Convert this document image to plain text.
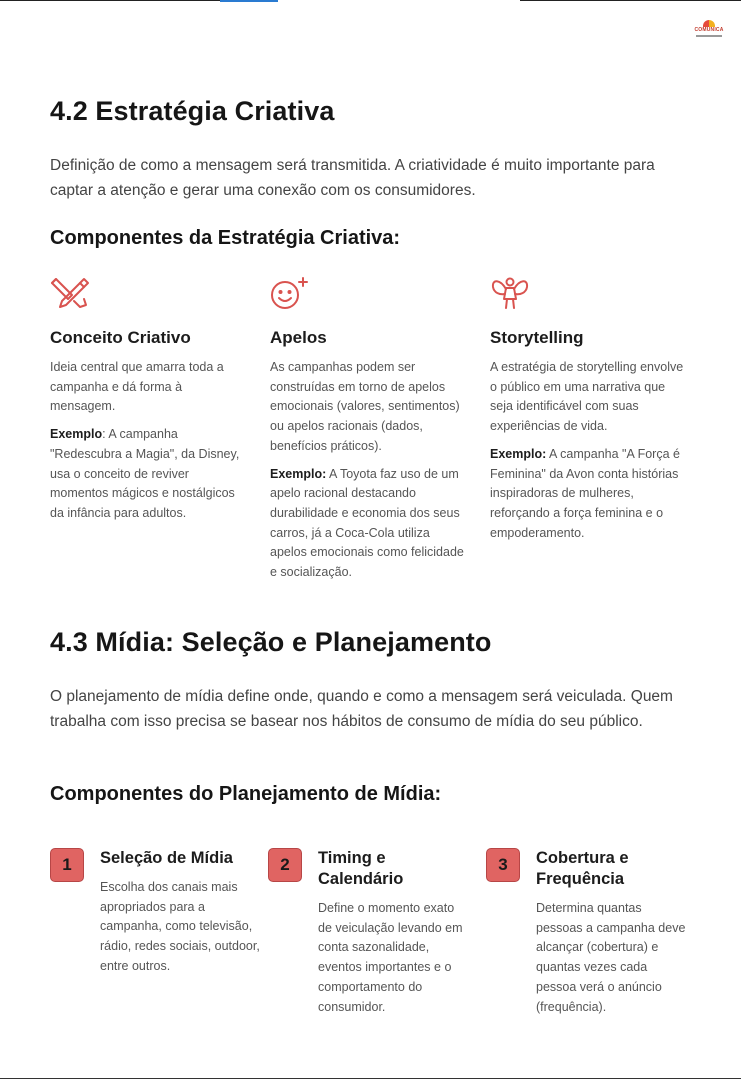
COMUNICA
4.2 Estratégia Criativa

Definição de como a mensagem será transmitida. A criatividade é muito importante para captar a atenção e gerar uma conexão com os consumidores.

Componentes da Estratégia Criativa:
Conceito Criativo

Ideia central que amarra toda a campanha e dá forma à mensagem.

Exemplo: A campanha "Redescubra a Magia", da Disney, usa o conceito de reviver momentos mágicos e nostálgicos da infância para adultos.

Apelos

As campanhas podem ser construídas em torno de apelos emocionais (valores, sentimentos) ou apelos racionais (dados, benefícios práticos).

Exemplo: A Toyota faz uso de um apelo racional destacando durabilidade e economia dos seus carros, já a Coca-Cola utiliza apelos emocionais como felicidade e socialização.

Storytelling

A estratégia de storytelling envolve o público em uma narrativa que seja identificável com suas experiências de vida.

Exemplo: A campanha "A Força é Feminina" da Avon conta histórias inspiradoras de mulheres, reforçando a força feminina e o empoderamento.

4.3 Mídia: Seleção e Planejamento

O planejamento de mídia define onde, quando e como a mensagem será veiculada. Quem trabalha com isso precisa se basear nos hábitos de consumo de mídia do seu público.

Componentes do Planejamento de Mídia:
1	Seleção de Mídia

Escolha dos canais mais apropriados para a campanha, como televisão, rádio, redes sociais, outdoor, entre outros.

2	Timing e Calendário

Define o momento exato de veiculação levando em conta sazonalidade, eventos importantes e o comportamento do consumidor.

3	Cobertura e Frequência

Determina quantas pessoas a campanha deve alcançar (cobertura) e quantas vezes cada pessoa verá o anúncio (frequência).
